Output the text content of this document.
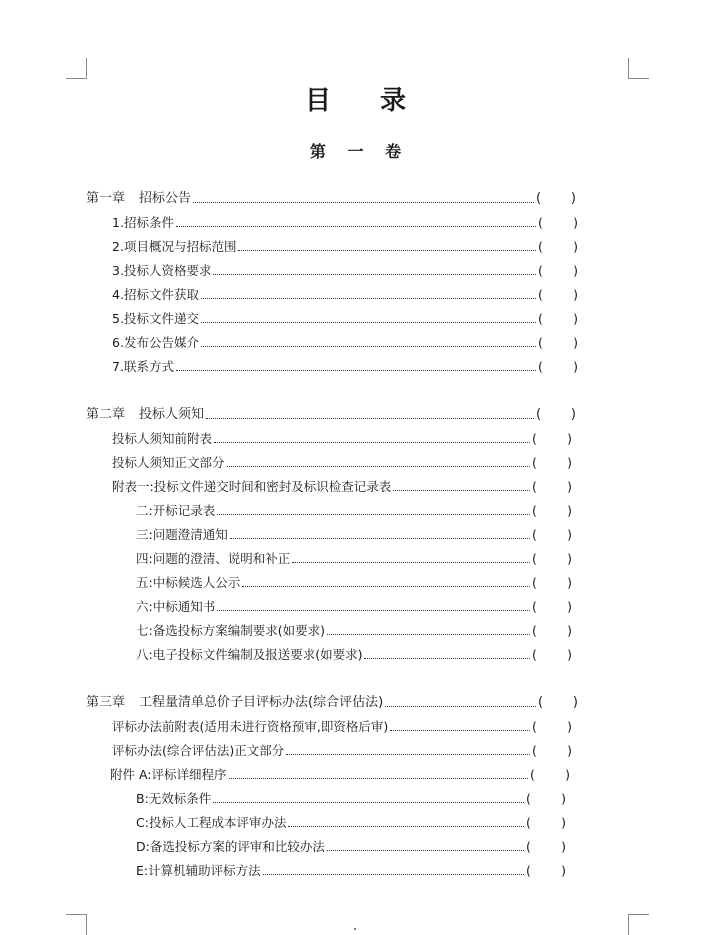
目 录
第 一 卷
第一章 招标公告	( )
1. 招标条件	( )
2. 项目概况与招标范围	( )
3. 投标人资格要求	( )
4. 招标文件获取	( )
5. 投标文件递交	( )
6. 发布公告媒介	( )
7. 联系方式	( )
第二章 投标人须知	( )
投标人须知前附表	( )
投标人须知正文部分	( )
附表一: 投标文件递交时间和密封及标识检查记录表	( )
二: 开标记录表	( )
三: 问题澄清通知	( )
四: 问题的澄清、说明和补正	( )
五: 中标候选人公示	( )
六: 中标通知书	( )
七: 备选投标方案编制要求(如要求)	( )
八: 电子投标文件编制及报送要求(如要求)	( )
第三章 工程量清单总价子目评标办法(综合评估法)	( )
评标办法前附表(适用未进行资格预审,即资格后审)	( )
评标办法(综合评估法)正文部分	( )
附件 A: 评标详细程序	( )
B: 无效标条件	( )
C: 投标人工程成本评审办法	( )
D: 备选投标方案的评审和比较办法	( )
E: 计算机辅助评标方法	( )
